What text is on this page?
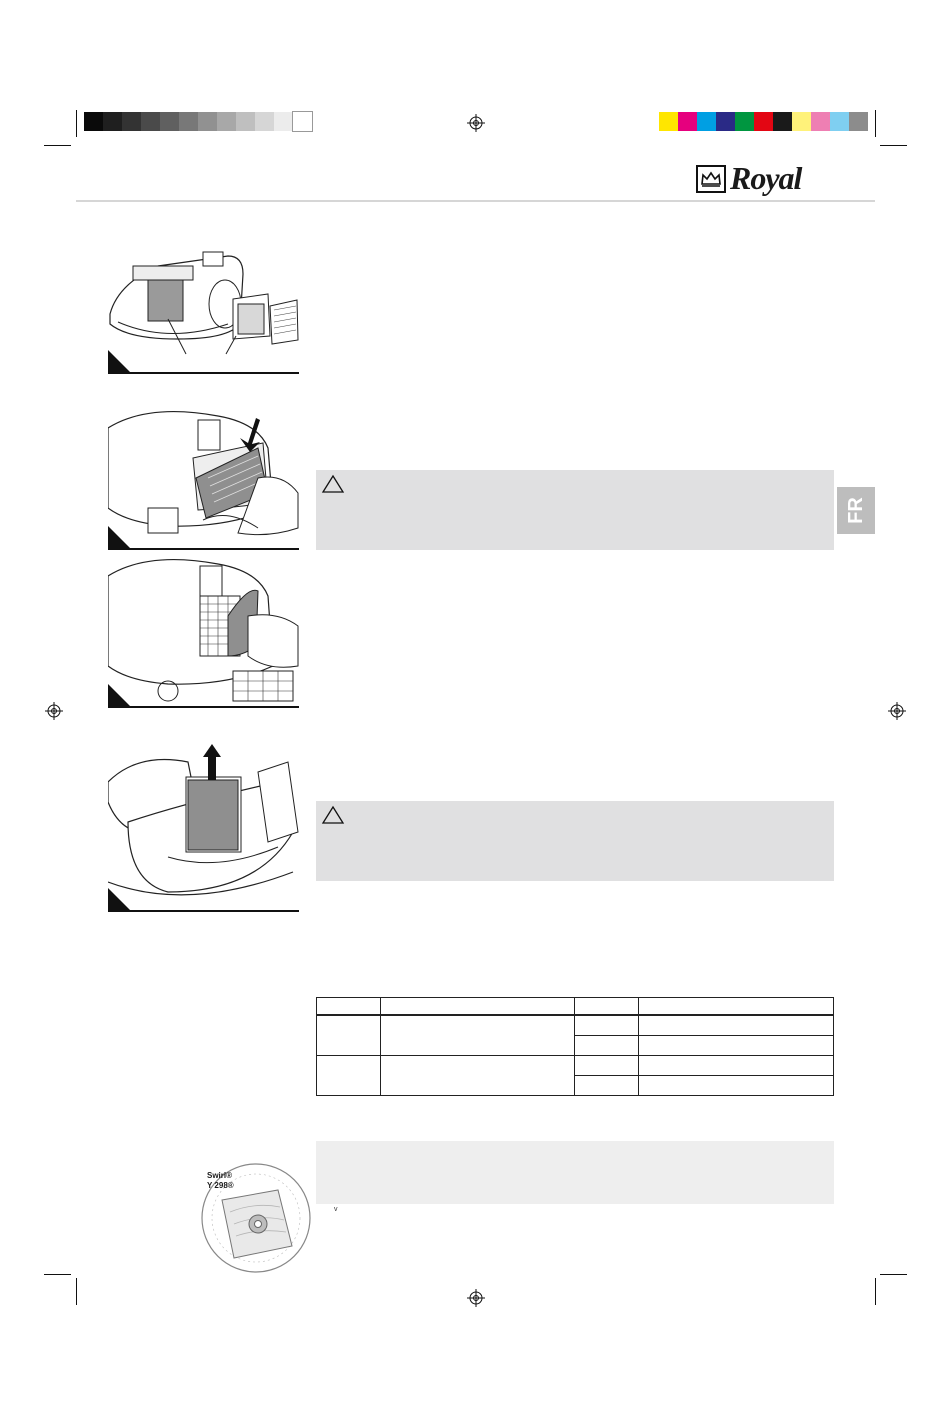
Royal
FR

Swirl®
Y 298®
v
